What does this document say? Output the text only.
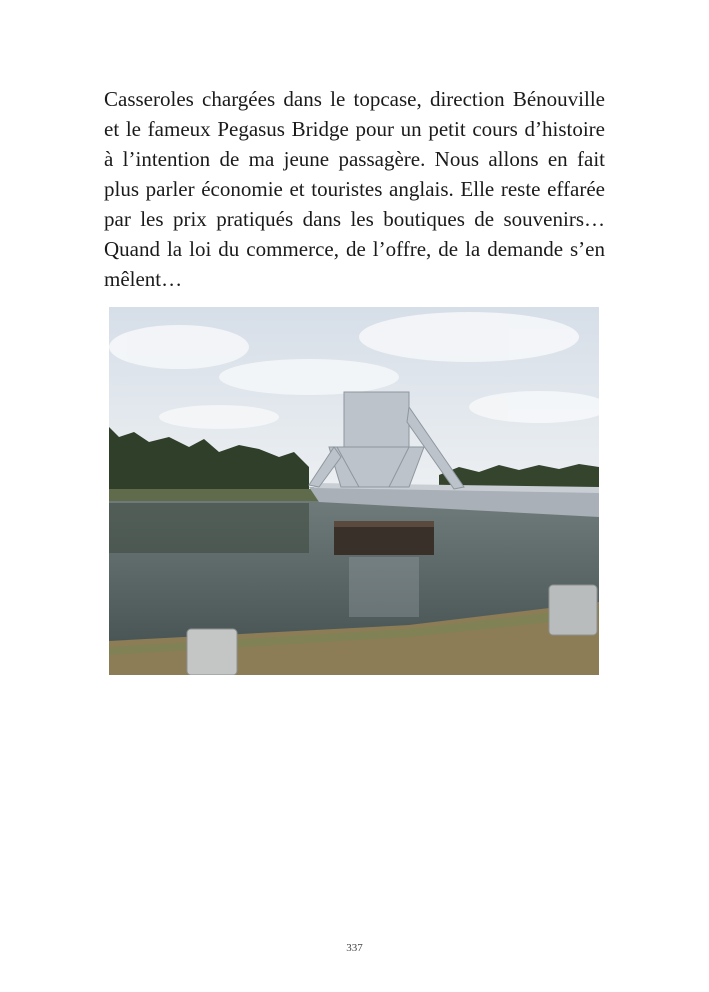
Casseroles chargées dans le topcase, direction Bénouville et le fameux Pegasus Bridge pour un petit cours d’histoire à l’intention de ma jeune passagère. Nous allons en fait plus parler économie et touristes anglais. Elle reste effarée par les prix pratiqués dans les boutiques de souvenirs… Quand la loi du commerce, de l’offre, de la demande s’en mêlent…

337
